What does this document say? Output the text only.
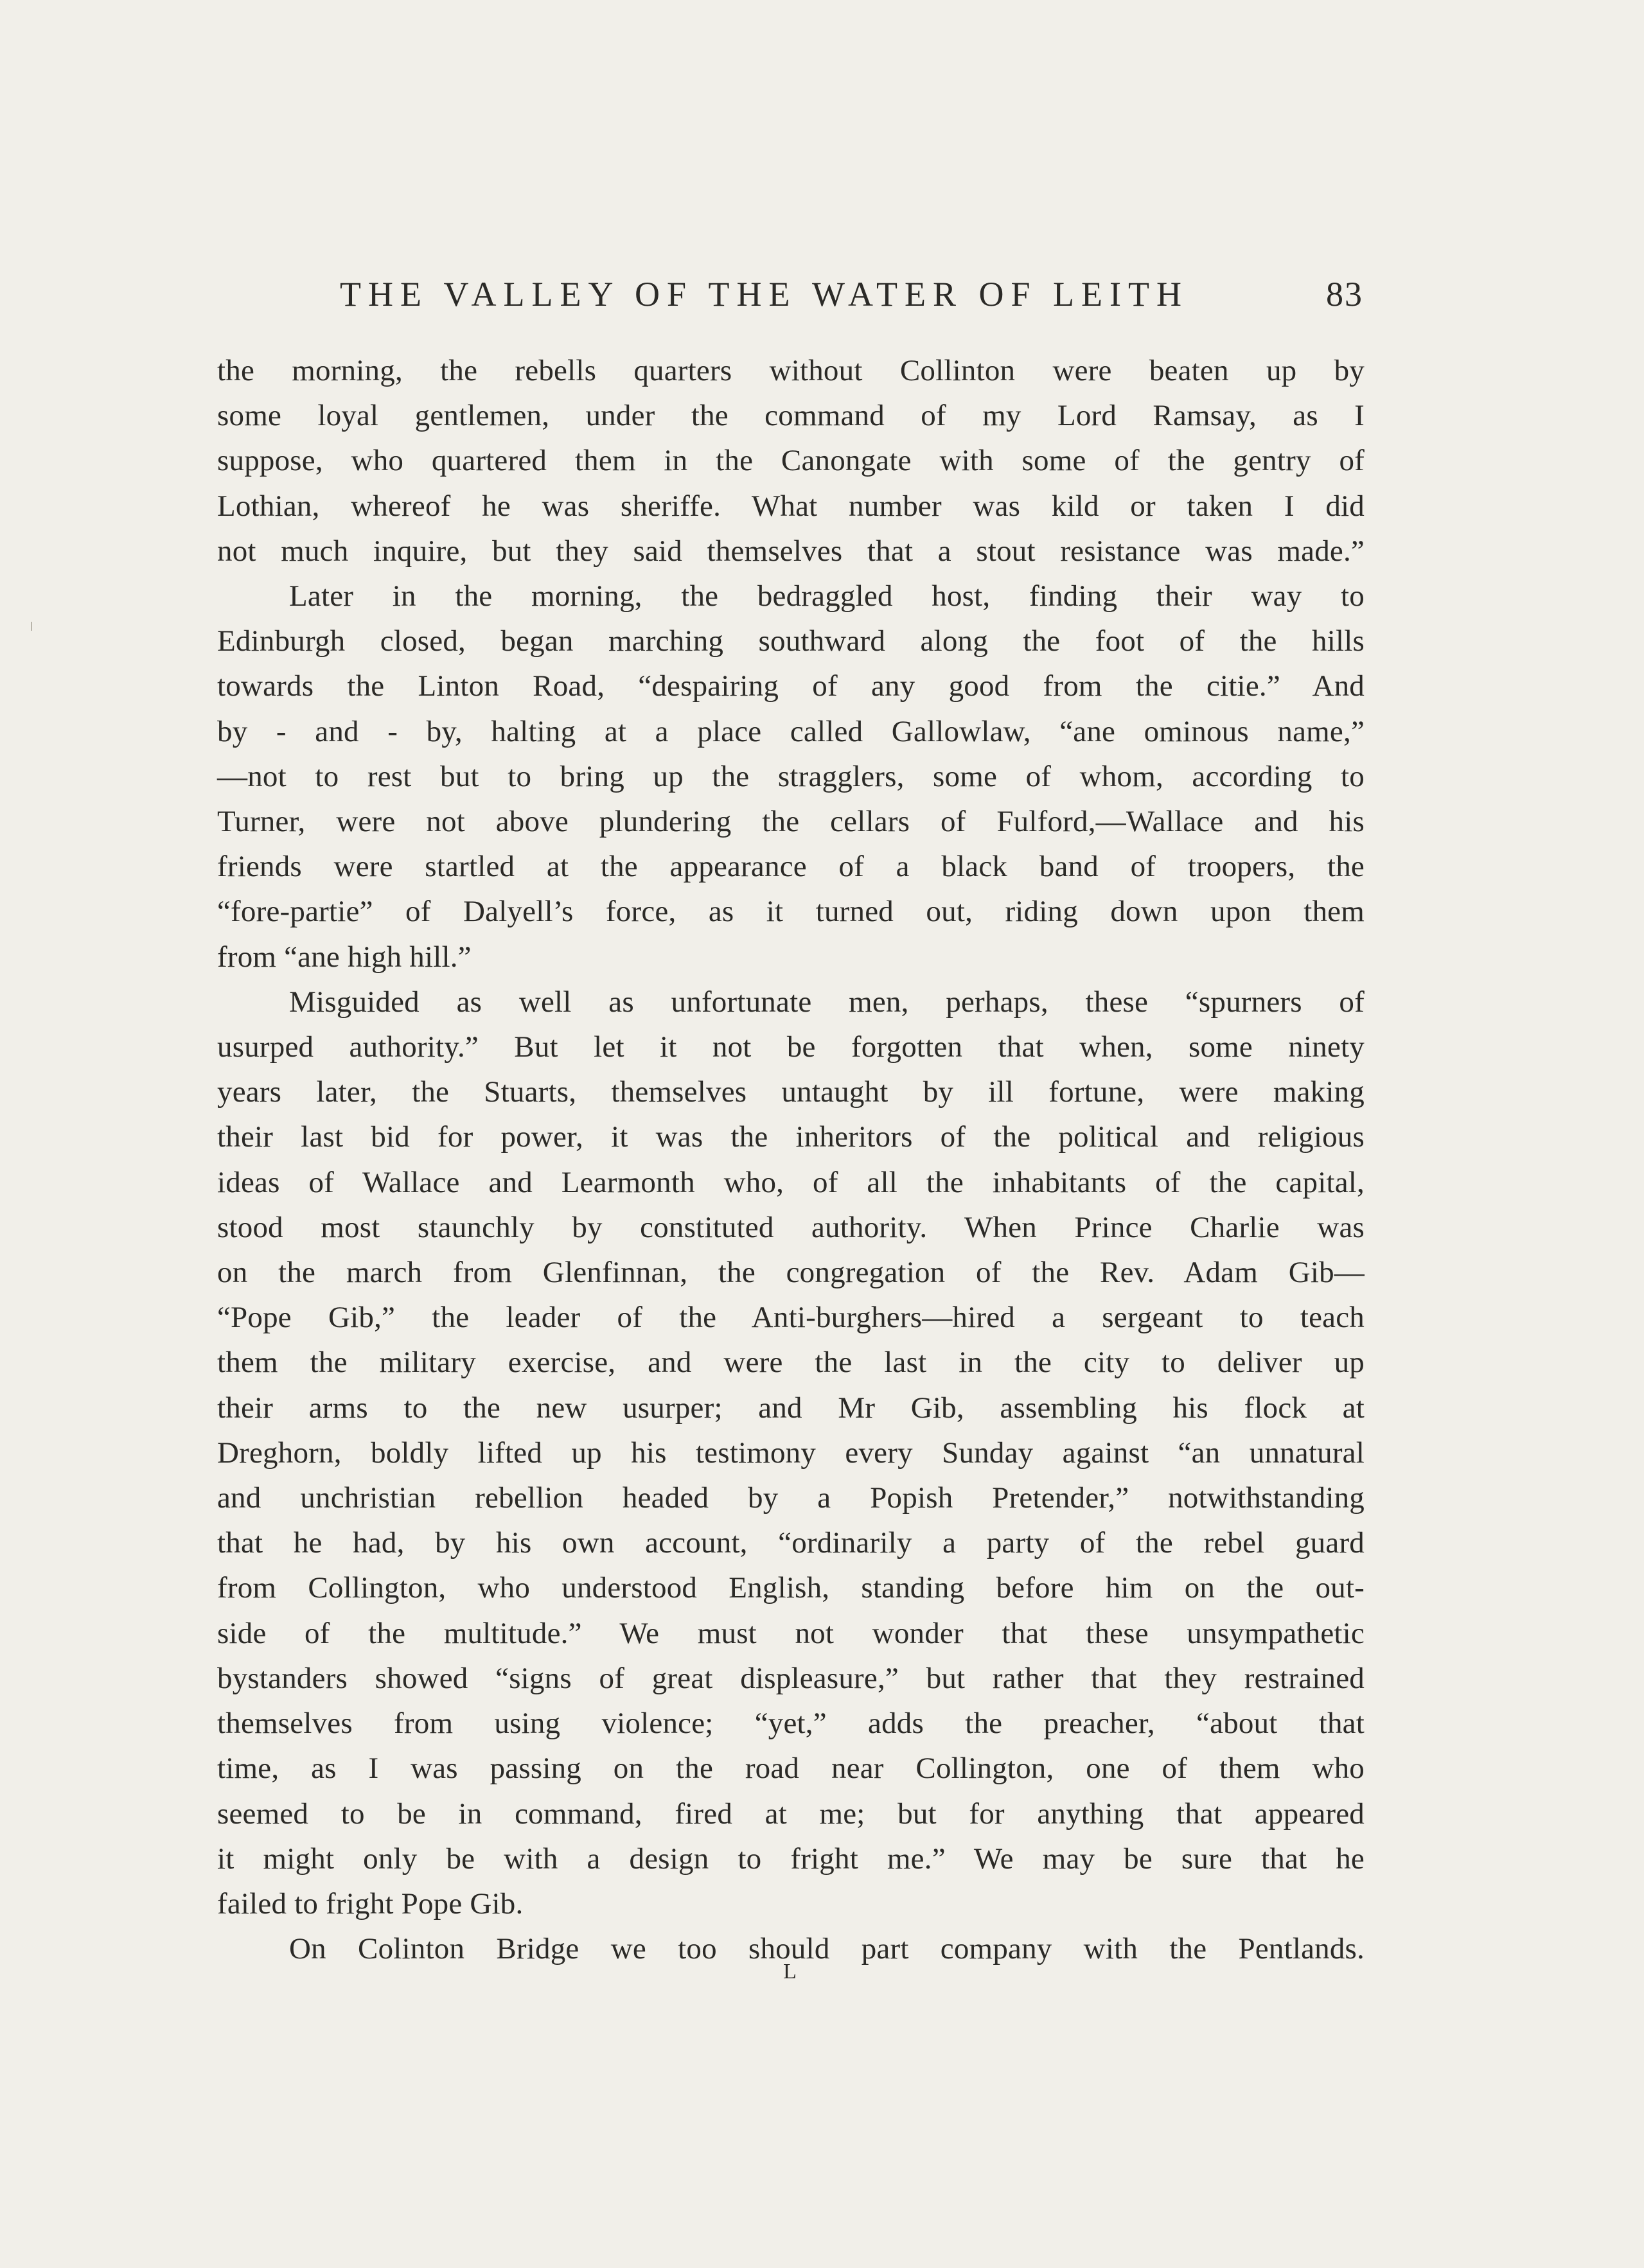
THE VALLEY OF THE WATER OF LEITH	83

the morning, the rebells quarters without Collinton were beaten up by

some loyal gentlemen, under the command of my Lord Ramsay, as I

suppose, who quartered them in the Canongate with some of the gentry of

Lothian, whereof he was sheriffe. What number was kild or taken I did

not much inquire, but they said themselves that a stout resistance was made.”

Later in the morning, the bedraggled host, finding their way to

Edinburgh closed, began marching southward along the foot of the hills

towards the Linton Road, “despairing of any good from the citie.” And

by - and - by, halting at a place called Gallowlaw, “ane ominous name,”

—not to rest but to bring up the stragglers, some of whom, according to

Turner, were not above plundering the cellars of Fulford,—Wallace and his

friends were startled at the appearance of a black band of troopers, the

“fore-partie” of Dalyell’s force, as it turned out, riding down upon them

from “ane high hill.”

Misguided as well as unfortunate men, perhaps, these “spurners of

usurped authority.” But let it not be forgotten that when, some ninety

years later, the Stuarts, themselves untaught by ill fortune, were making

their last bid for power, it was the inheritors of the political and religious

ideas of Wallace and Learmonth who, of all the inhabitants of the capital,

stood most staunchly by constituted authority. When Prince Charlie was

on the march from Glenfinnan, the congregation of the Rev. Adam Gib—

“Pope Gib,” the leader of the Anti-burghers—hired a sergeant to teach

them the military exercise, and were the last in the city to deliver up

their arms to the new usurper; and Mr Gib, assembling his flock at

Dreghorn, boldly lifted up his testimony every Sunday against “an unnatural

and unchristian rebellion headed by a Popish Pretender,” notwithstanding

that he had, by his own account, “ordinarily a party of the rebel guard

from Collington, who understood English, standing before him on the out-

side of the multitude.” We must not wonder that these unsympathetic

bystanders showed “signs of great displeasure,” but rather that they restrained

themselves from using violence; “yet,” adds the preacher, “about that

time, as I was passing on the road near Collington, one of them who

seemed to be in command, fired at me; but for anything that appeared

it might only be with a design to fright me.” We may be sure that he

failed to fright Pope Gib.

On Colinton Bridge we too should part company with the Pentlands.

L
